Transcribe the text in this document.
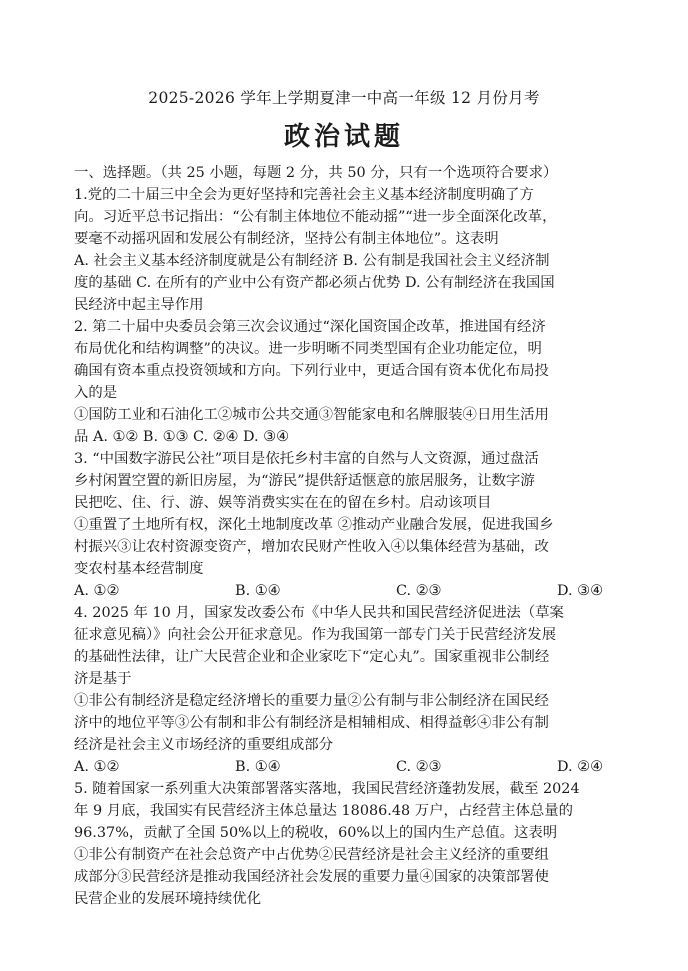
2025-2026 学年上学期夏津一中高一年级 12 月份月考
政治试题
一、选择题。（共 25 小题，每题 2 分，共 50 分，只有一个选项符合要求）
1.党的二十届三中全会为更好坚持和完善社会主义基本经济制度明确了方
向。习近平总书记指出：“公有制主体地位不能动摇”“进一步全面深化改革，
要毫不动摇巩固和发展公有制经济，坚持公有制主体地位”。这表明
A. 社会主义基本经济制度就是公有制经济 B. 公有制是我国社会主义经济制
度的基础 C. 在所有的产业中公有资产都必须占优势 D. 公有制经济在我国国
民经济中起主导作用
2. 第二十届中央委员会第三次会议通过“深化国资国企改革，推进国有经济
布局优化和结构调整”的决议。进一步明晰不同类型国有企业功能定位，明
确国有资本重点投资领域和方向。下列行业中，更适合国有资本优化布局投
入的是
①国防工业和石油化工②城市公共交通③智能家电和名牌服装④日用生活用
品 A. ①② B. ①③ C. ②④ D. ③④
3. “中国数字游民公社”项目是依托乡村丰富的自然与人文资源，通过盘活
乡村闲置空置的新旧房屋，为“游民”提供舒适惬意的旅居服务，让数字游
民把吃、住、行、游、娱等消费实实在在的留在乡村。启动该项目
①重置了土地所有权，深化土地制度改革 ②推动产业融合发展，促进我国乡
村振兴③让农村资源变资产，增加农民财产性收入④以集体经营为基础，改
变农村基本经营制度
A. ①②	B. ①④	C. ②③	D. ③④
4. 2025 年 10 月，国家发改委公布《中华人民共和国民营经济促进法（草案
征求意见稿）》向社会公开征求意见。作为我国第一部专门关于民营经济发展
的基础性法律，让广大民营企业和企业家吃下“定心丸”。国家重视非公制经
济是基于
①非公有制经济是稳定经济增长的重要力量②公有制与非公制经济在国民经
济中的地位平等③公有制和非公有制经济是相辅相成、相得益彰④非公有制
经济是社会主义市场经济的重要组成部分
A. ①②	B. ①④	C. ②③	D. ②④
5. 随着国家一系列重大决策部署落实落地，我国民营经济蓬勃发展，截至 2024
年 9 月底，我国实有民营经济主体总量达 18086.48 万户，占经营主体总量的
96.37%，贡献了全国 50%以上的税收，60%以上的国内生产总值。这表明
①非公有制资产在社会总资产中占优势②民营经济是社会主义经济的重要组
成部分③民营经济是推动我国经济社会发展的重要力量④国家的决策部署使
民营企业的发展环境持续优化
